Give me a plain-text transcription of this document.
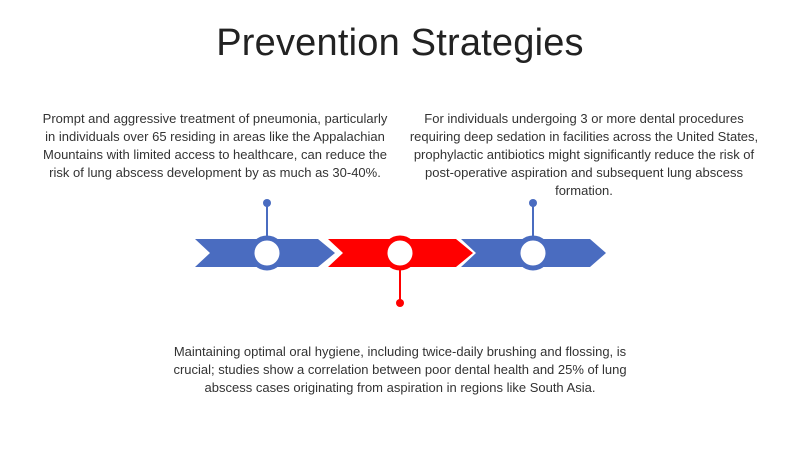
Prevention Strategies
Prompt and aggressive treatment of pneumonia, particularly in individuals over 65 residing in areas like the Appalachian Mountains with limited access to healthcare, can reduce the risk of lung abscess development by as much as 30-40%.
For individuals undergoing 3 or more dental procedures requiring deep sedation in facilities across the United States, prophylactic antibiotics might significantly reduce the risk of post-operative aspiration and subsequent lung abscess formation.
Maintaining optimal oral hygiene, including twice-daily brushing and flossing, is crucial; studies show a correlation between poor dental health and 25% of lung abscess cases originating from aspiration in regions like South Asia.
